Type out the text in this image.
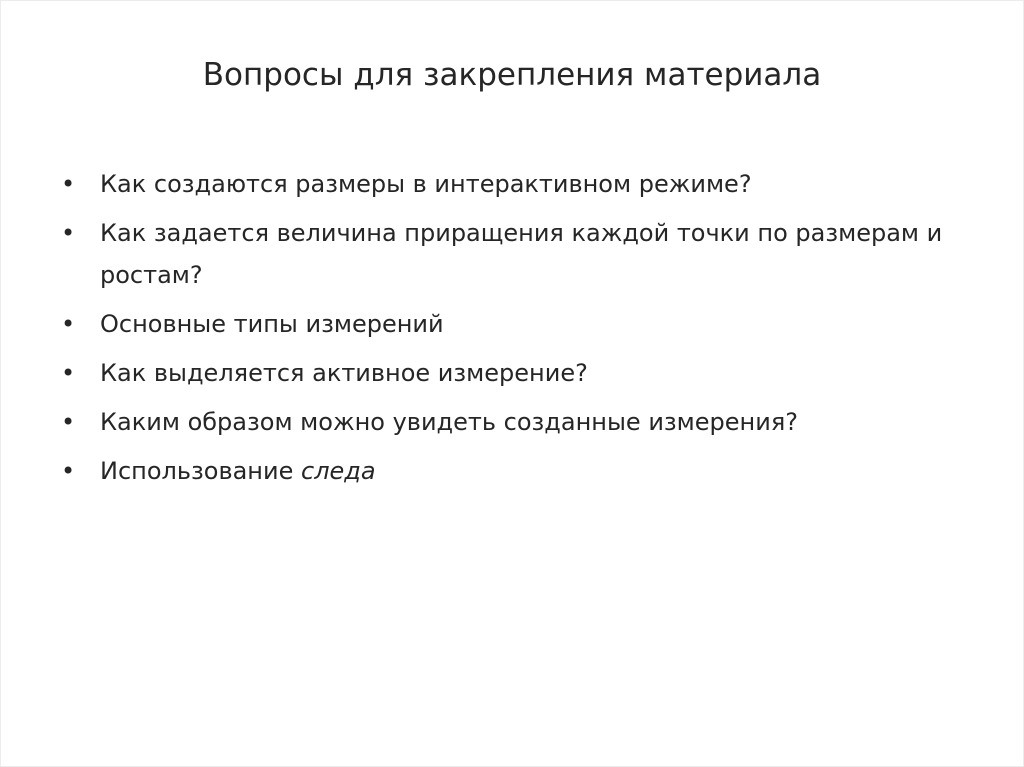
Вопросы для закрепления материала
• Как создаются размеры в интерактивном режиме?
• Как задается величина приращения каждой точки по размерам и ростам?
• Основные типы измерений
• Как выделяется активное измерение?
• Каким образом можно увидеть созданные измерения?
• Использование следа
